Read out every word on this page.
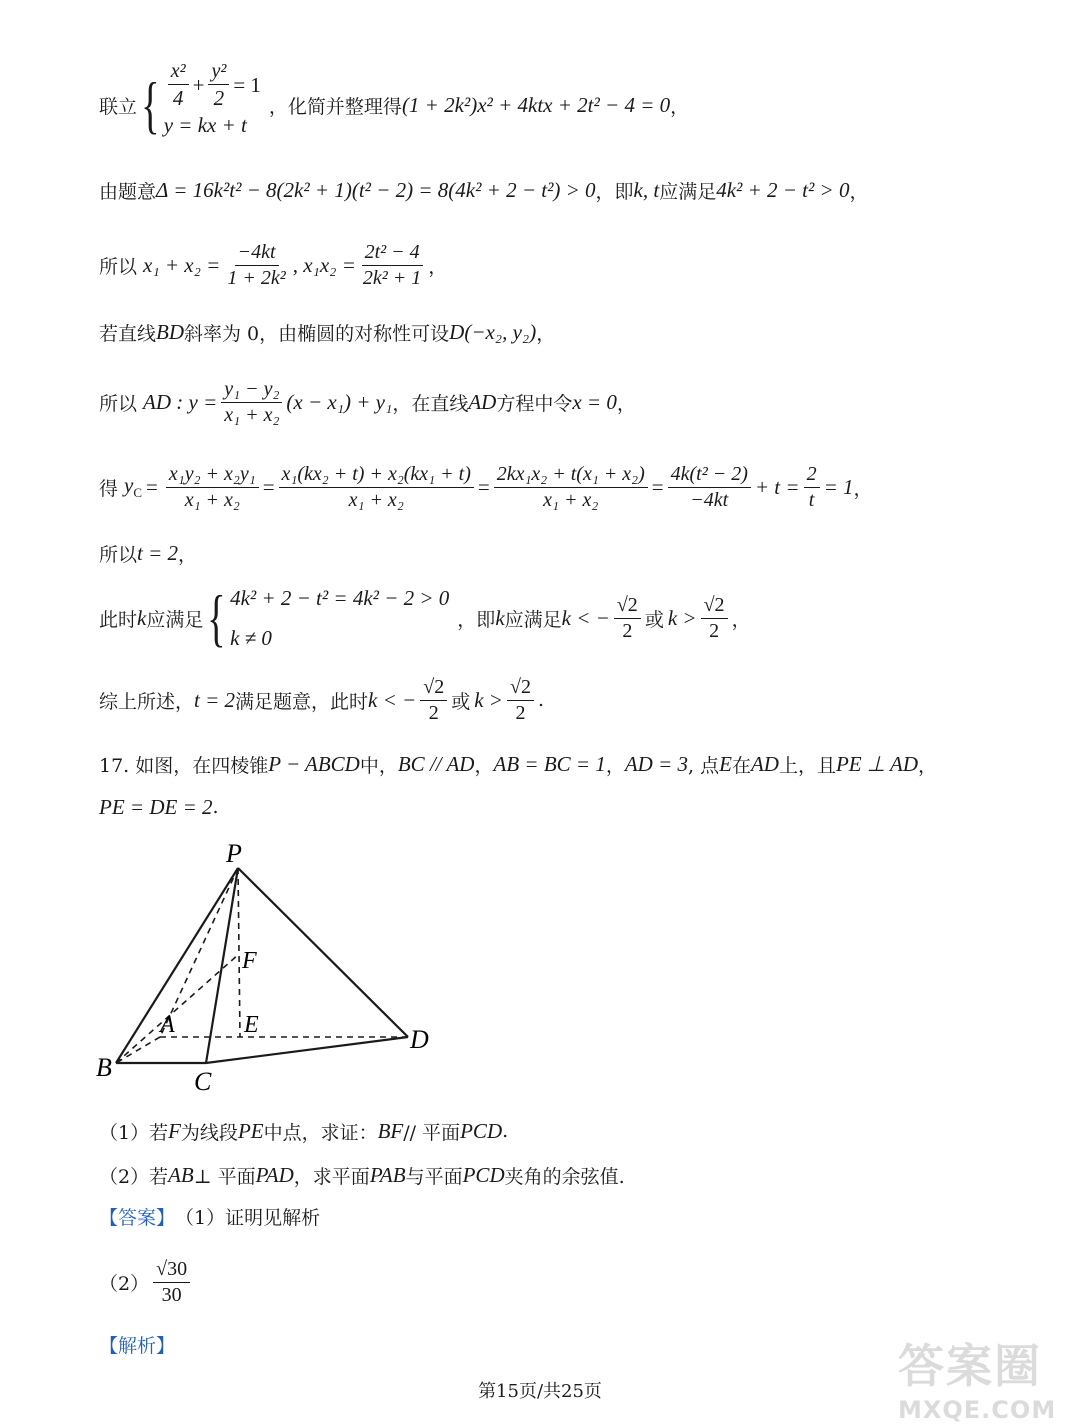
联立 { $\frac{\text{x²}}{4} + \frac{\text{y²}}{2} = 1$
y = kx + t
，化简并整理得 (1 + 2k²)x² + 4ktx + 2t² − 4 = 0 ，
由题意 Δ = 16k²t² − 8(2k² + 1)(t² − 2) = 8(4k² + 2 − t²) > 0 ，即 k, t 应满足 4k² + 2 − t² > 0 ，
所以 $x_1 + x_2 = \frac{-4kt}{\text{1 + 2k²}}$ , $x_1x_2 = \frac{\text{2t² − 4}}{\text{2k² + 1}}$ ，
若直线 BD 斜率为 0，由椭圆的对称性可设 D(−x₂, y₂) ，
所以 AD : $y = \frac{\text{y₁ − y₂}}{\text{x₁ + x₂}} (x - x_1) + y_1$ ，在直线 AD 方程中令 x = 0 ，
得 $y_C = \frac{\text{x₁y₂ + x₂y₁}}{\text{x₁ + x₂}} = \frac{\text{x₁(kx₂ + t) + x₂(kx₁ + t)}}{\text{x₁ + x₂}} = \frac{\text{2kx₁x₂ + t(x₁ + x₂)}}{\text{x₁ + x₂}} = \frac{\text{4k(t² − 2)}}{-4kt} + t = \frac{2}{t} = 1$ ，
所以 t = 2 ，
此时 k 应满足 { 4k² + 2 − t² = 4k² − 2 > 0
k ≠ 0
，即 k 应满足 k < − $\frac{√2}{2}$ 或 $k > \frac{√2}{2}$ ，
综上所述， t = 2 满足题意，此时 k < − $\frac{√2}{2}$ 或 $k > \frac{√2}{2}$ .
17. 如图，在四棱锥 P − ABCD 中， BC // AD ， AB = BC = 1 ， AD = 3 , 点 E 在 AD 上，且 PE ⊥ AD ，
PE = DE = 2 .
P
F
A	E
B	C
D
（1）若 F 为线段 PE 中点，求证： BF // 平面 PCD .
（2）若 AB ⊥ 平面 PAD ，求平面 PAB 与平面 PCD 夹角的余弦值.
【答案】 （1）证明见解析
$(2) \frac{√30}{30}$
【解析】
第15页/共25页	答案圈
MXQE.COM
